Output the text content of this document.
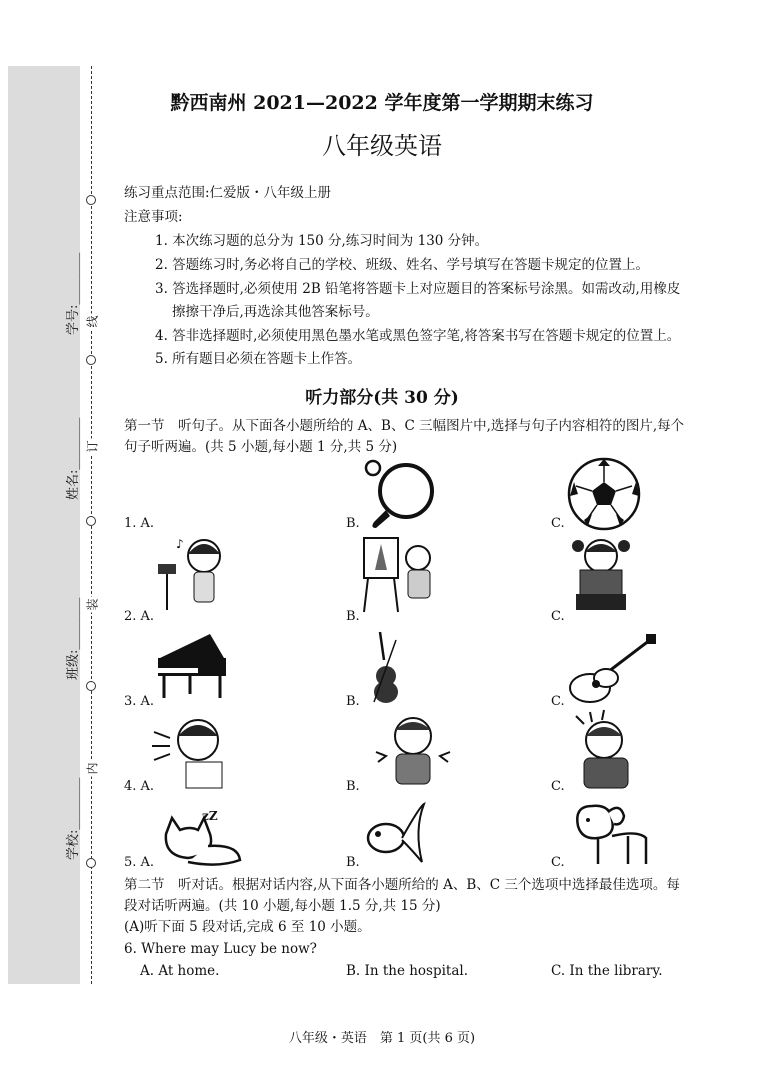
学号:________
姓名:________
班级:________
学校:________
线
订
装
内
黔西南州 2021—2022 学年度第一学期期末练习
八年级英语
练习重点范围:仁爱版・八年级上册
注意事项:
1. 本次练习题的总分为 150 分,练习时间为 130 分钟。
2. 答题练习时,务必将自己的学校、班级、姓名、学号填写在答题卡规定的位置上。
3. 答选择题时,必须使用 2B 铅笔将答题卡上对应题目的答案标号涂黑。如需改动,用橡皮
擦擦干净后,再选涂其他答案标号。
4. 答非选择题时,必须使用黑色墨水笔或黑色签字笔,将答案书写在答题卡规定的位置上。
5. 所有题目必须在答题卡上作答。
听力部分(共 30 分)
第一节　听句子。从下面各小题所给的 A、B、C 三幅图片中,选择与句子内容相符的图片,每个
句子听两遍。(共 5 小题,每小题 1 分,共 5 分)
1. A.	B.	C.
2. A.	B.	C.
3. A.	B.	C.
4. A.	B.	C.
5. A.	B.	C.
♪
zZ
第二节　听对话。根据对话内容,从下面各小题所给的 A、B、C 三个选项中选择最佳选项。每
段对话听两遍。(共 10 小题,每小题 1.5 分,共 15 分)
(A)听下面 5 段对话,完成 6 至 10 小题。
6. Where may Lucy be now?
A. At home.	B. In the hospital.	C. In the library.
八年级・英语　第 1 页(共 6 页)
